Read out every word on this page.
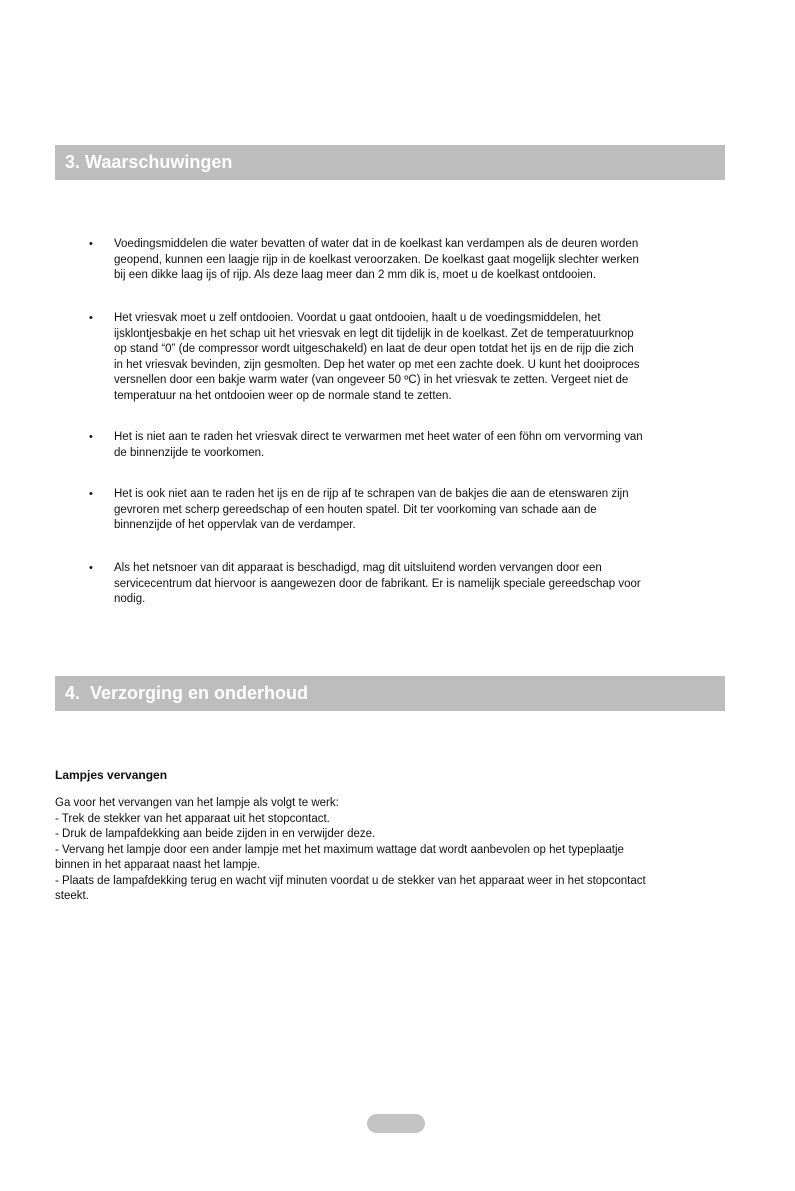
3. Waarschuwingen
• Voedingsmiddelen die water bevatten of water dat in de koelkast kan verdampen als de deuren worden
geopend, kunnen een laagje rijp in de koelkast veroorzaken. De koelkast gaat mogelijk slechter werken
bij een dikke laag ijs of rijp. Als deze laag meer dan 2 mm dik is, moet u de koelkast ontdooien.
• Het vriesvak moet u zelf ontdooien. Voordat u gaat ontdooien, haalt u de voedingsmiddelen, het
ijsklontjesbakje en het schap uit het vriesvak en legt dit tijdelijk in de koelkast. Zet de temperatuurknop
op stand “0” (de compressor wordt uitgeschakeld) en laat de deur open totdat het ijs en de rijp die zich
in het vriesvak bevinden, zijn gesmolten. Dep het water op met een zachte doek. U kunt het dooiproces
versnellen door een bakje warm water (van ongeveer 50 ºC) in het vriesvak te zetten. Vergeet niet de
temperatuur na het ontdooien weer op de normale stand te zetten.
• Het is niet aan te raden het vriesvak direct te verwarmen met heet water of een föhn om vervorming van
de binnenzijde te voorkomen.
• Het is ook niet aan te raden het ijs en de rijp af te schrapen van de bakjes die aan de etenswaren zijn
gevroren met scherp gereedschap of een houten spatel. Dit ter voorkoming van schade aan de
binnenzijde of het oppervlak van de verdamper.
• Als het netsnoer van dit apparaat is beschadigd, mag dit uitsluitend worden vervangen door een
servicecentrum dat hiervoor is aangewezen door de fabrikant. Er is namelijk speciale gereedschap voor
nodig.
4.  Verzorging en onderhoud
Lampjes vervangen
Ga voor het vervangen van het lampje als volgt te werk:
- Trek de stekker van het apparaat uit het stopcontact.
- Druk de lampafdekking aan beide zijden in en verwijder deze.
- Vervang het lampje door een ander lampje met het maximum wattage dat wordt aanbevolen op het typeplaatje
binnen in het apparaat naast het lampje.
- Plaats de lampafdekking terug en wacht vijf minuten voordat u de stekker van het apparaat weer in het stopcontact
steekt.
